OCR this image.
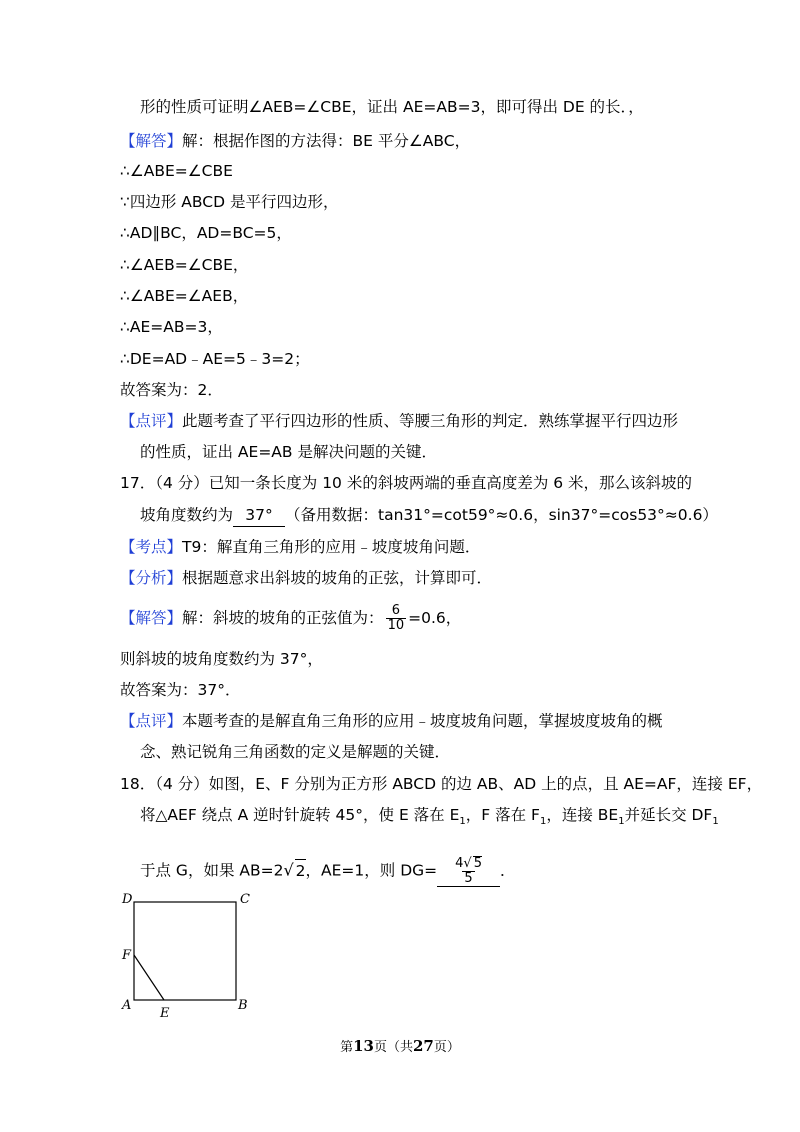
形的性质可证明∠AEB=∠CBE，证出 AE=AB=3，即可得出 DE 的长．，
【解答】解：根据作图的方法得：BE 平分∠ABC，
∴∠ABE=∠CBE
∵四边形 ABCD 是平行四边形，
∴AD∥BC，AD=BC=5，
∴∠AEB=∠CBE，
∴∠ABE=∠AEB，
∴AE=AB=3，
∴DE=AD﹣AE=5﹣3=2；
故答案为：2．
【点评】此题考查了平行四边形的性质、等腰三角形的判定．熟练掌握平行四边形
的性质，证出 AE=AB 是解决问题的关键．
17．（4 分）已知一条长度为 10 米的斜坡两端的垂直高度差为 6 米，那么该斜坡的
坡角度数约为 37° （备用数据：tan31°=cot59°≈0.6，sin37°=cos53°≈0.6）
【考点】T9：解直角三角形的应用﹣坡度坡角问题．
【分析】根据题意求出斜坡的坡角的正弦，计算即可．
【解答】解：斜坡的坡角的正弦值为： $\frac{6}{10} =0.6$，
则斜坡的坡角度数约为 37°，
故答案为：37°．
【点评】本题考查的是解直角三角形的应用﹣坡度坡角问题，掌握坡度坡角的概
念、熟记锐角三角函数的定义是解题的关键．
18．（4 分）如图，E、F 分别为正方形 ABCD 的边 AB、AD 上的点，且 AE=AF，连接 EF，
将△AEF 绕点 A 逆时针旋转 45°，使 E 落在 $E_1$，F 落在 $F_1$，连接 $BE_1$并延长交 $DF_1$
于点 G，如果 AB=2√ 2，AE=1，则 $DG= \frac{4√ 5}{5}$ ．
D	C
F
A
E
B
第13页（共27页）
